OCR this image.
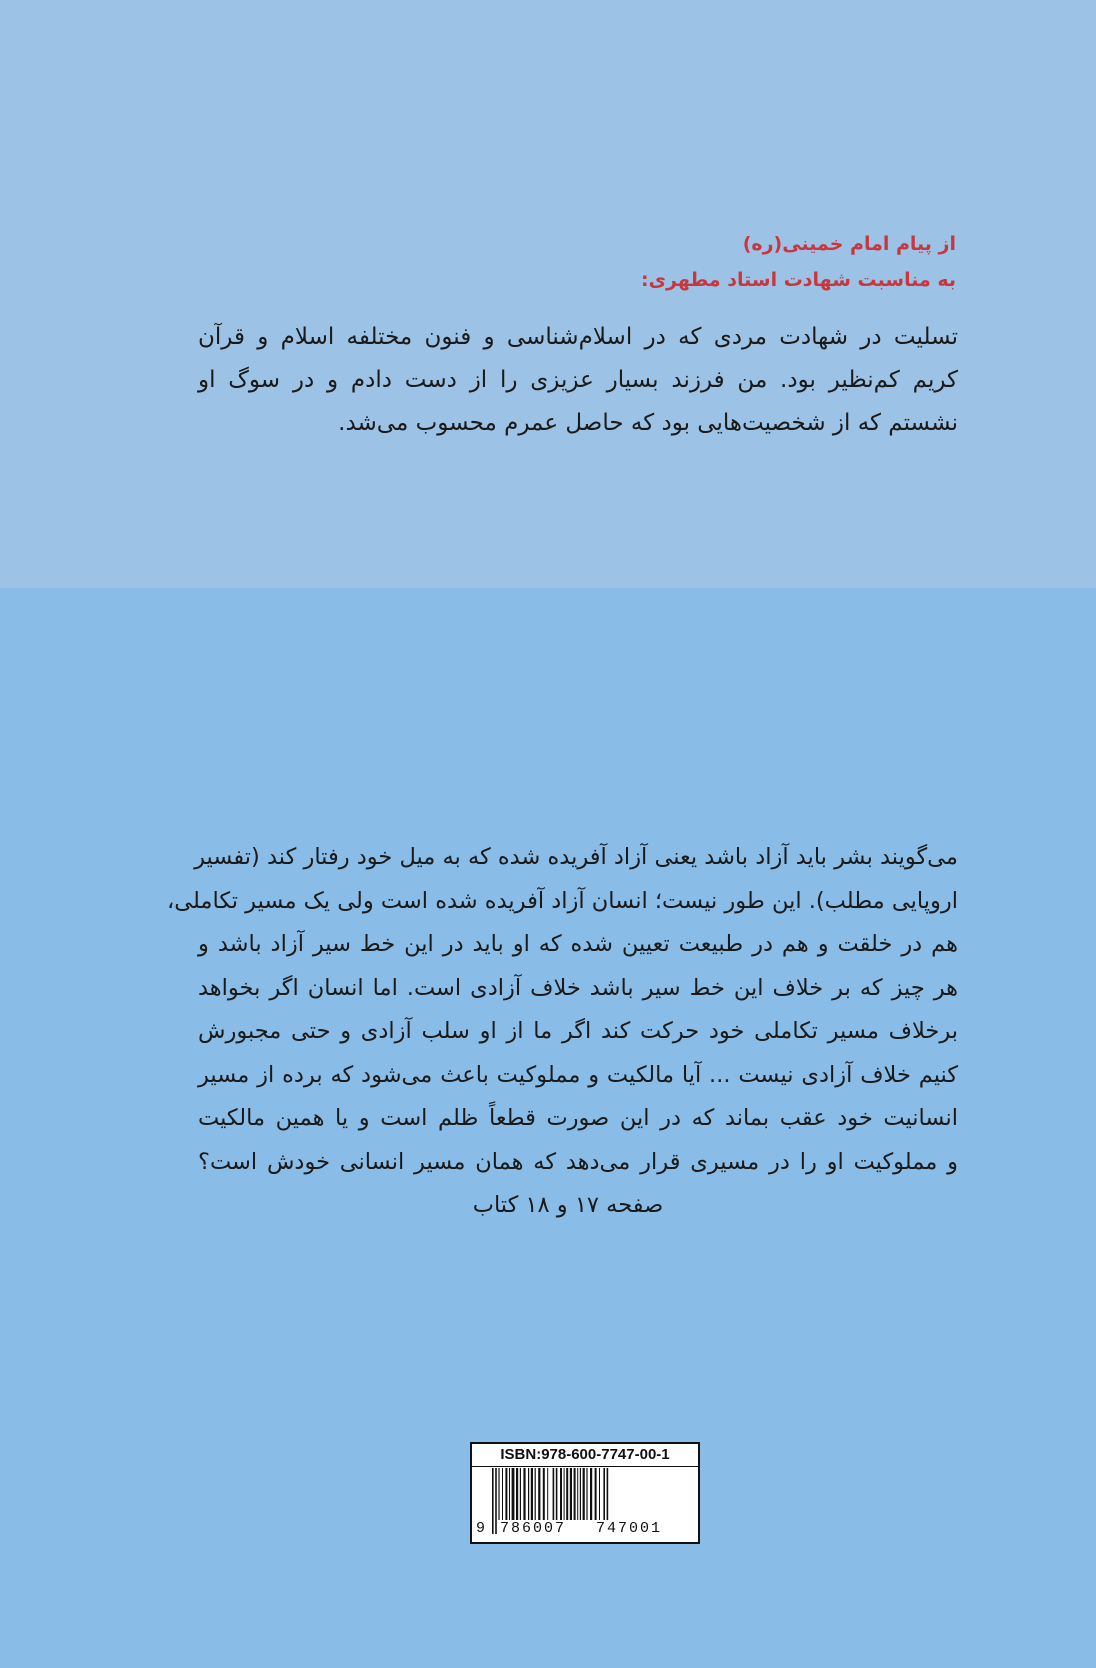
از پیام امام خمینی(ره)
به مناسبت شهادت استاد مطهری:
تسلیت در شهادت مردی که در اسلام‌شناسی و فنون مختلفه اسلام و قرآن
کریم کم‌نظیر بود. من فرزند بسیار عزیزی را از دست دادم و در سوگ او
نشستم که از شخصیت‌هایی بود که حاصل عمرم محسوب می‌شد.
می‌گویند بشر باید آزاد باشد یعنی آزاد آفریده شده که به میل خود رفتار کند (تفسیر
اروپایی مطلب). این طور نیست؛ انسان آزاد آفریده شده است ولی یک مسیر تکاملی،
هم در خلقت و هم در طبیعت تعیین شده که او باید در این خط سیر آزاد باشد و
هر چیز که بر خلاف این خط سیر باشد خلاف آزادی است. اما انسان اگر بخواهد
برخلاف مسیر تکاملی خود حرکت کند اگر ما از او سلب آزادی و حتی مجبورش
کنیم خلاف آزادی نیست ... آیا مالکیت و مملوکیت باعث می‌شود که برده از مسیر
انسانیت خود عقب بماند که در این صورت قطعاً ظلم است و یا همین مالکیت
و مملوکیت او را در مسیری قرار می‌دهد که همان مسیر انسانی خودش است؟
صفحه ۱۷ و ۱۸ کتاب
ISBN:978-600-7747-00-1
9 786007 747001
